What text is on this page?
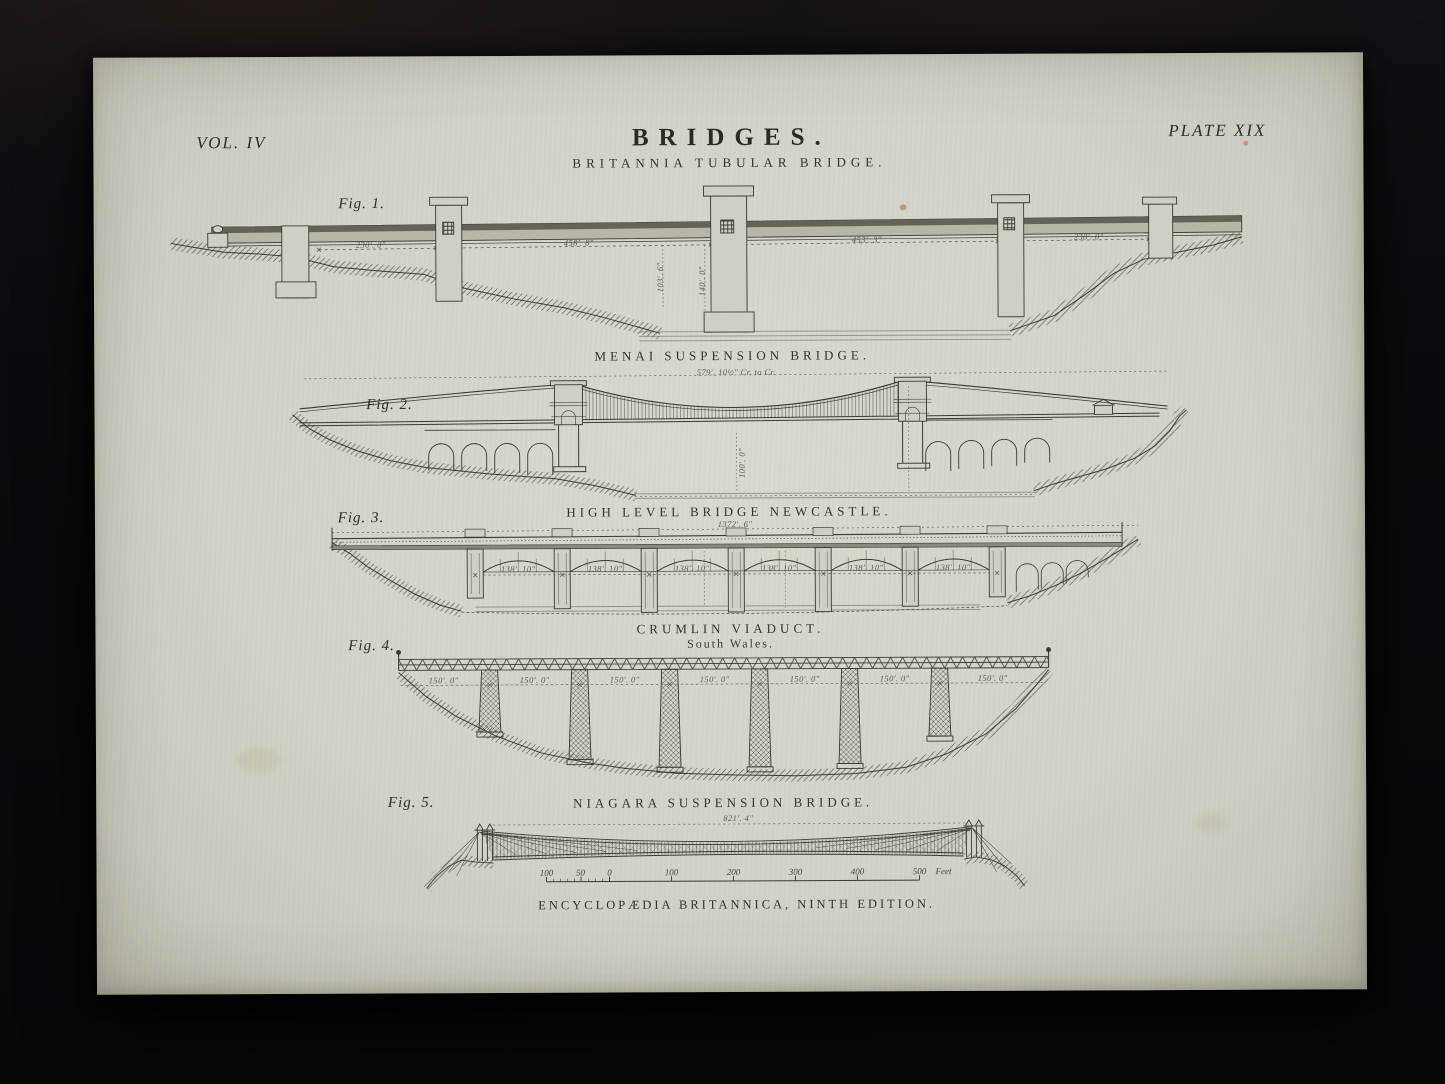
VOL. IV	BRIDGES.
BRITANNIA TUBULAR BRIDGE.
PLATE XIX
Fig. 1.
230'. 0"	458'. 8"	453'. 3"	230'. 0"
103'. 6"	140'. 0"
MENAI SUSPENSION BRIDGE.
579'. 10½" Cr. to Cr.
Fig. 2.
100'. 0"
Fig. 3.	HIGH LEVEL BRIDGE NEWCASTLE.
1372'. 6"
138'. 10"	138'. 10"	138'. 10"	138'. 10"	138'. 10"	138'. 10"
Fig. 4.
CRUMLIN VIADUCT.
South Wales.
150'. 0"	150'. 0"	150'. 0"	150'. 0"	150'. 0"	150'. 0"	150'. 0"
Fig. 5.	NIAGARA SUSPENSION BRIDGE.
821'. 4"
100	50 0	100	200	300	400	500 Feet
ENCYCLOPÆDIA BRITANNICA, NINTH EDITION.
